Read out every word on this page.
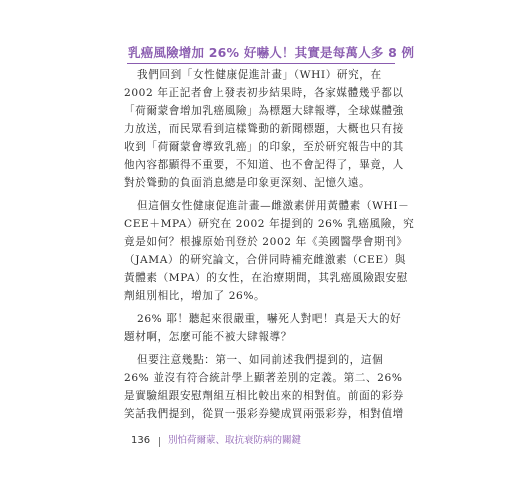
乳癌風險增加 26% 好嚇人！其實是每萬人多 8 例
我們回到「女性健康促進計畫」（WHI）研究，在
2002 年正記者會上發表初步結果時，各家媒體幾乎都以
「荷爾蒙會增加乳癌風險」為標題大肆報導，全球媒體強
力放送，而民眾看到這樣聳動的新聞標題，大概也只有接
收到「荷爾蒙會導致乳癌」的印象，至於研究報告中的其
他內容都顯得不重要，不知道、也不會記得了，畢竟，人
對於聳動的負面消息總是印象更深刻、記憶久遠。
但這個女性健康促進計畫—雌激素併用黃體素（WHI－
CEE＋MPA）研究在 2002 年提到的 26% 乳癌風險，究
竟是如何？根據原始刊登於 2002 年《美國醫學會期刊》
（JAMA）的研究論文，合併同時補充雌激素（CEE）與
黃體素（MPA）的女性，在治療期間，其乳癌風險跟安慰
劑組別相比，增加了 26%。
26% 耶！聽起來很嚴重，嚇死人對吧！真是天大的好
題材啊，怎麼可能不被大肆報導？
但要注意幾點：第一、如同前述我們提到的，這個
26% 並沒有符合統計學上顯著差別的定義。第二、26%
是實驗組跟安慰劑組互相比較出來的相對值。前面的彩券
笑話我們提到，從買一張彩券變成買兩張彩券，相對值增
136 別怕荷爾蒙、取抗衰防病的關鍵
